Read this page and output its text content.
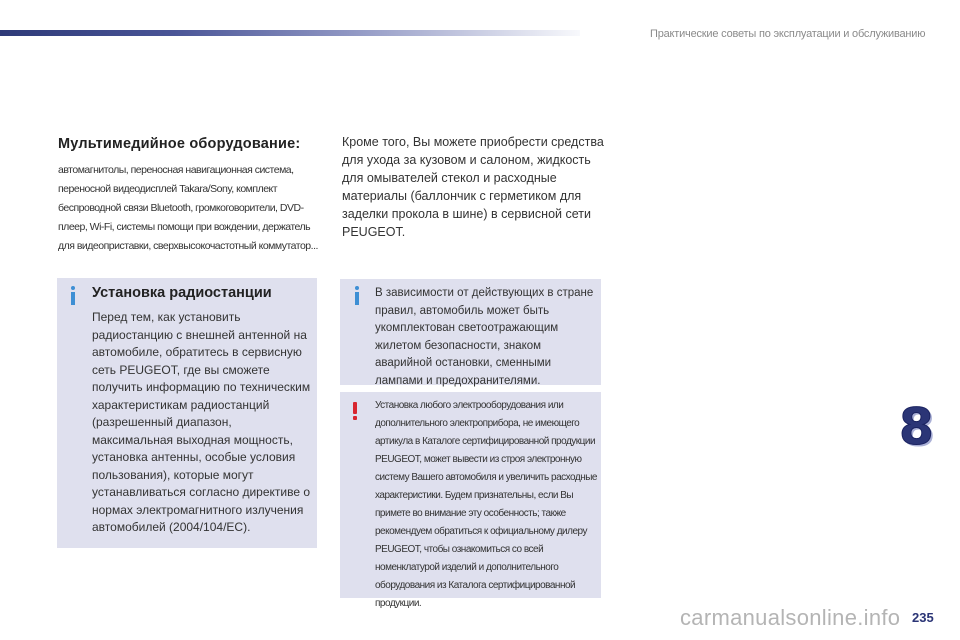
Практические советы по эксплуатации и обслуживанию
Мультимедийное оборудование:
автомагнитолы, переносная навигационная система, переносной видеодисплей Takara/Sony, комплект беспроводной связи Bluetooth, громкоговорители, DVD-плеер, Wi-Fi, системы помощи при вождении, держатель для видеоприставки, сверхвысокочастотный коммутатор...
Кроме того, Вы можете приобрести средства для ухода за кузовом и салоном, жидкость для омывателей стекол и расходные материалы (баллончик с герметиком для заделки прокола в шине) в сервисной сети PEUGEOT.
Установка радиостанции
Перед тем, как установить радиостанцию с внешней антенной на автомобиле, обратитесь в сервисную сеть PEUGEOT, где вы сможете получить информацию по техническим характеристикам радиостанций (разрешенный диапазон, максимальная выходная мощность, установка антенны, особые условия пользования), которые могут устанавливаться согласно директиве о нормах электромагнитного излучения автомобилей (2004/104/EC).
В зависимости от действующих в стране правил, автомобиль может быть укомплектован светоотражающим жилетом безопасности, знаком аварийной остановки, сменными лампами и предохранителями.
Установка любого электрооборудования или дополнительного электроприбора, не имеющего артикула в Каталоге сертифицированной продукции PEUGEOT, может вывести из строя электронную систему Вашего автомобиля и увеличить расходные характеристики. Будем признательны, если Вы примете во внимание эту особенность; также рекомендуем обратиться к официальному дилеру PEUGEOT, чтобы ознакомиться со всей номенклатурой изделий и дополнительного оборудования из Каталога сертифицированной продукции.
8
carmanualsonline.info 235
